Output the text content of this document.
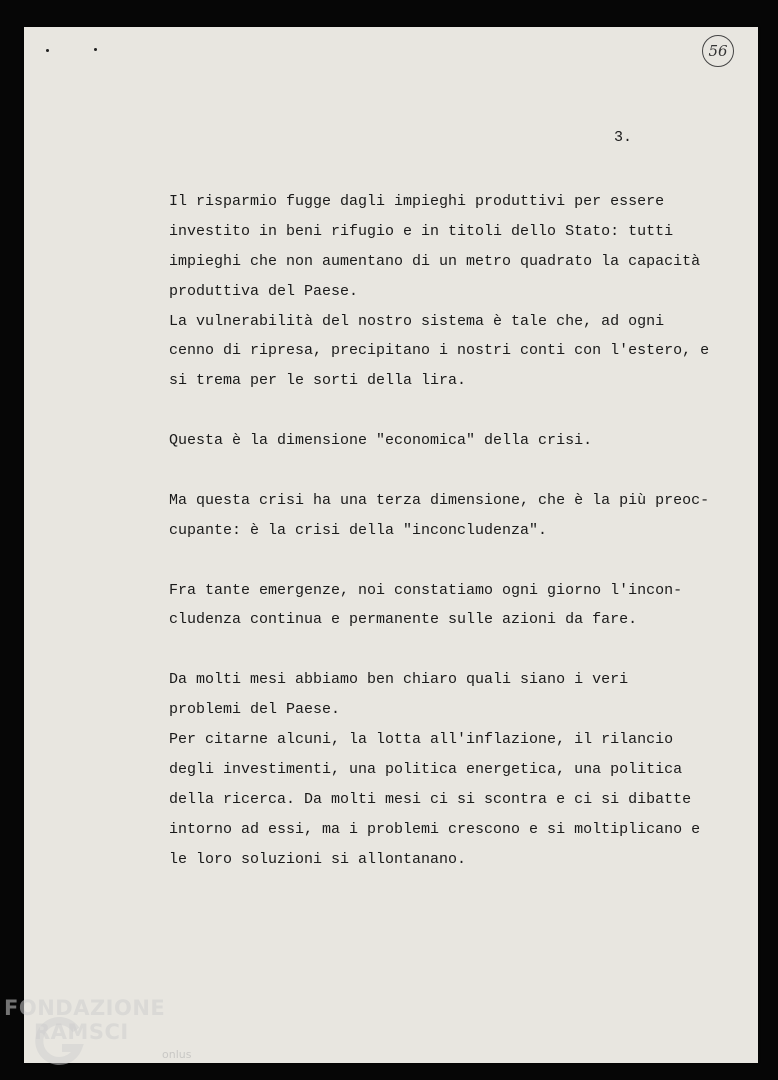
56
3.
Il risparmio fugge dagli impieghi produttivi per essere
investito in beni rifugio e in titoli dello Stato: tutti
impieghi che non aumentano di un metro quadrato la capacità
produttiva del Paese.
La vulnerabilità del nostro sistema è tale che, ad ogni
cenno di ripresa, precipitano i nostri conti con l'estero, e
si trema per le sorti della lira.
Questa è la dimensione "economica" della crisi.
Ma questa crisi ha una terza dimensione, che è la più preoc-
cupante: è la crisi della "inconcludenza".
Fra tante emergenze, noi constatiamo ogni giorno l'incon-
cludenza continua e permanente sulle azioni da fare.
Da molti mesi abbiamo ben chiaro quali siano i veri
problemi del Paese.
Per citarne alcuni, la lotta all'inflazione, il rilancio
degli investimenti, una politica energetica, una politica
della ricerca. Da molti mesi ci si scontra e ci si dibatte
intorno ad essi, ma i problemi crescono e si moltiplicano e
le loro soluzioni si allontanano.
FONDAZIONE
RAMSCI
onlus
